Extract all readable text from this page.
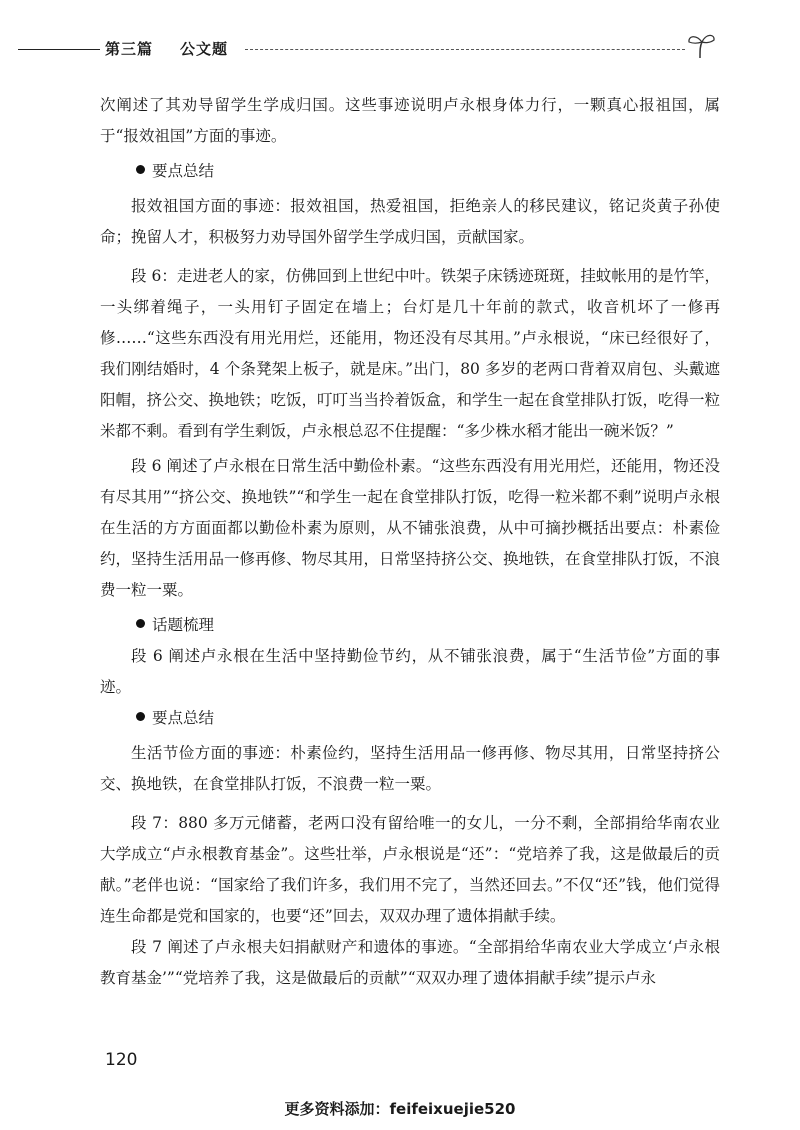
第三篇 公文题

次阐述了其劝导留学生学成归国。这些事迹说明卢永根身体力行，一颗真心报祖国，属于“报效祖国”方面的事迹。

要点总结

报效祖国方面的事迹：报效祖国，热爱祖国，拒绝亲人的移民建议，铭记炎黄子孙使命；挽留人才，积极努力劝导国外留学生学成归国，贡献国家。

段 6：走进老人的家，仿佛回到上世纪中叶。铁架子床锈迹斑斑，挂蚊帐用的是竹竿，一头绑着绳子，一头用钉子固定在墙上；台灯是几十年前的款式，收音机坏了一修再修……“这些东西没有用光用烂，还能用，物还没有尽其用。”卢永根说，“床已经很好了，我们刚结婚时，4 个条凳架上板子，就是床。”出门，80 多岁的老两口背着双肩包、头戴遮阳帽，挤公交、换地铁；吃饭，叮叮当当拎着饭盒，和学生一起在食堂排队打饭，吃得一粒米都不剩。看到有学生剩饭，卢永根总忍不住提醒：“多少株水稻才能出一碗米饭？”

段 6 阐述了卢永根在日常生活中勤俭朴素。“这些东西没有用光用烂，还能用，物还没有尽其用”“挤公交、换地铁”“和学生一起在食堂排队打饭，吃得一粒米都不剩”说明卢永根在生活的方方面面都以勤俭朴素为原则，从不铺张浪费，从中可摘抄概括出要点：朴素俭约，坚持生活用品一修再修、物尽其用，日常坚持挤公交、换地铁，在食堂排队打饭，不浪费一粒一粟。

话题梳理

段 6 阐述卢永根在生活中坚持勤俭节约，从不铺张浪费，属于“生活节俭”方面的事迹。

要点总结

生活节俭方面的事迹：朴素俭约，坚持生活用品一修再修、物尽其用，日常坚持挤公交、换地铁，在食堂排队打饭，不浪费一粒一粟。

段 7：880 多万元储蓄，老两口没有留给唯一的女儿，一分不剩，全部捐给华南农业大学成立“卢永根教育基金”。这些壮举，卢永根说是“还”：“党培养了我，这是做最后的贡献。”老伴也说：“国家给了我们许多，我们用不完了，当然还回去。”不仅“还”钱，他们觉得连生命都是党和国家的，也要“还”回去，双双办理了遗体捐献手续。

段 7 阐述了卢永根夫妇捐献财产和遗体的事迹。“全部捐给华南农业大学成立‘卢永根教育基金’”“党培养了我，这是做最后的贡献”“双双办理了遗体捐献手续”提示卢永

120
更多资料添加：feifeixuejie520
